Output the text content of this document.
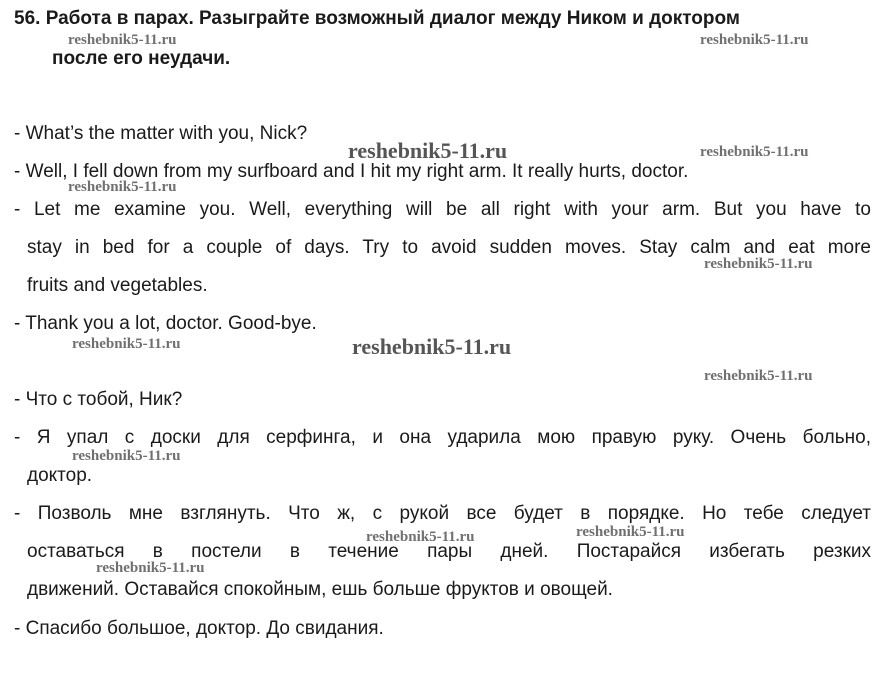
56. Работа в парах. Разыграйте возможный диалог между Ником и доктором
после его неудачи.
- What’s the matter with you, Nick?
- Well, I fell down from my surfboard and I hit my right arm. It really hurts, doctor.
- Let me examine you. Well, everything will be all right with your arm. But you have to
stay in bed for a couple of days. Try to avoid sudden moves. Stay calm and eat more
fruits and vegetables.
- Thank you a lot, doctor. Good-bye.
- Что с тобой, Ник?
- Я упал с доски для серфинга, и она ударила мою правую руку. Очень больно,
доктор.
- Позволь мне взглянуть. Что ж, с рукой все будет в порядке. Но тебе следует
оставаться в постели в течение пары дней. Постарайся избегать резких
движений. Оставайся спокойным, ешь больше фруктов и овощей.
- Спасибо большое, доктор. До свидания.
reshebnik5-11.ru	reshebnik5-11.ru
reshebnik5-11.ru	reshebnik5-11.ru
reshebnik5-11.ru
reshebnik5-11.ru
reshebnik5-11.ru	reshebnik5-11.ru
reshebnik5-11.ru
reshebnik5-11.ru
reshebnik5-11.ru	reshebnik5-11.ru
reshebnik5-11.ru
